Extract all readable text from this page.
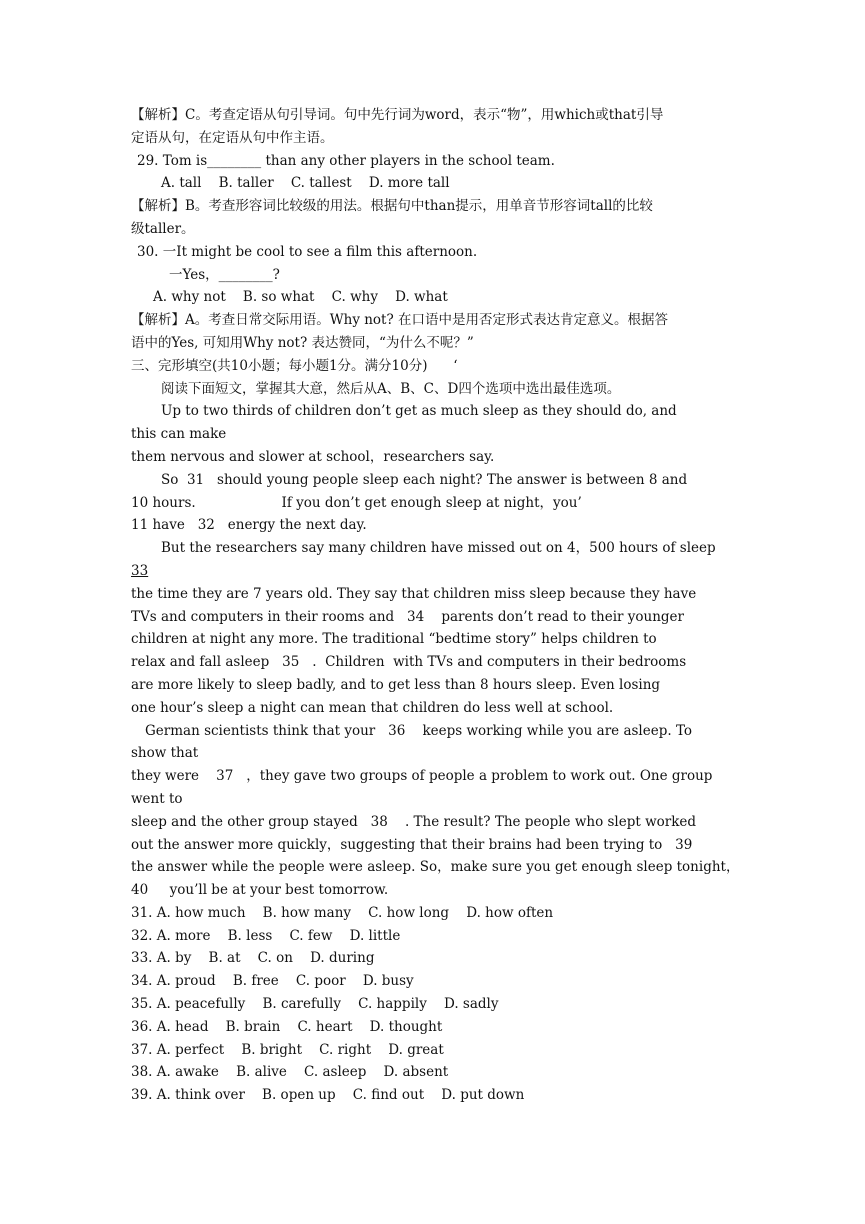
【解析】C。考查定语从句引导词。句中先行词为word，表示“物”，用which或that引导

定语从句，在定语从句中作主语。

29. Tom is________ than any other players in the school team.

A. tall    B. taller    C. tallest    D. more tall

【解析】B。考查形容词比较级的用法。根据句中than提示，用单音节形容词tall的比较

级taller。

30. 一It might be cool to see a film this afternoon.

一Yes，________?

A. why not    B. so what    C. why    D. what

【解析】A。考查日常交际用语。Why not? 在口语中是用否定形式表达肯定意义。根据答

语中的Yes, 可知用Why not? 表达赞同，“为什么不呢？”

三、完形填空(共10小题；每小题1分。满分10分)      ‘

阅读下面短文，掌握其大意，然后从A、B、C、D四个选项中选出最佳选项。

Up to two thirds of children don’t get as much sleep as they should do, and

this can make

them nervous and slower at school，researchers say.

So  31   should young people sleep each night? The answer is between 8 and

10 hours.                    If you don’t get enough sleep at night，you’

11 have   32   energy the next day.

But the researchers say many children have missed out on 4，500 hours of sleep

33

the time they are 7 years old. They say that children miss sleep because they have

TVs and computers in their rooms and   34    parents don’t read to their younger

children at night any more. The traditional “bedtime story” helps children to

relax and fall asleep   35   .  Children  with TVs and computers in their bedrooms

are more likely to sleep badly, and to get less than 8 hours sleep. Even losing

one hour’s sleep a night can mean that children do less well at school.

German scientists think that your   36    keeps working while you are asleep. To

show that

they were    37   ，they gave two groups of people a problem to work out. One group

went to

sleep and the other group stayed   38    . The result? The people who slept worked

out the answer more quickly，suggesting that their brains had been trying to   39

the answer while the people were asleep. So，make sure you get enough sleep tonight，

40     you’ll be at your best tomorrow.

31. A. how much    B. how many    C. how long    D. how often

32. A. more    B. less    C. few    D. little

33. A. by    B. at    C. on    D. during

34. A. proud    B. free    C. poor    D. busy

35. A. peacefully    B. carefully    C. happily    D. sadly

36. A. head    B. brain    C. heart    D. thought

37. A. perfect    B. bright    C. right    D. great

38. A. awake    B. alive    C. asleep    D. absent

39. A. think over    B. open up    C. find out    D. put down
